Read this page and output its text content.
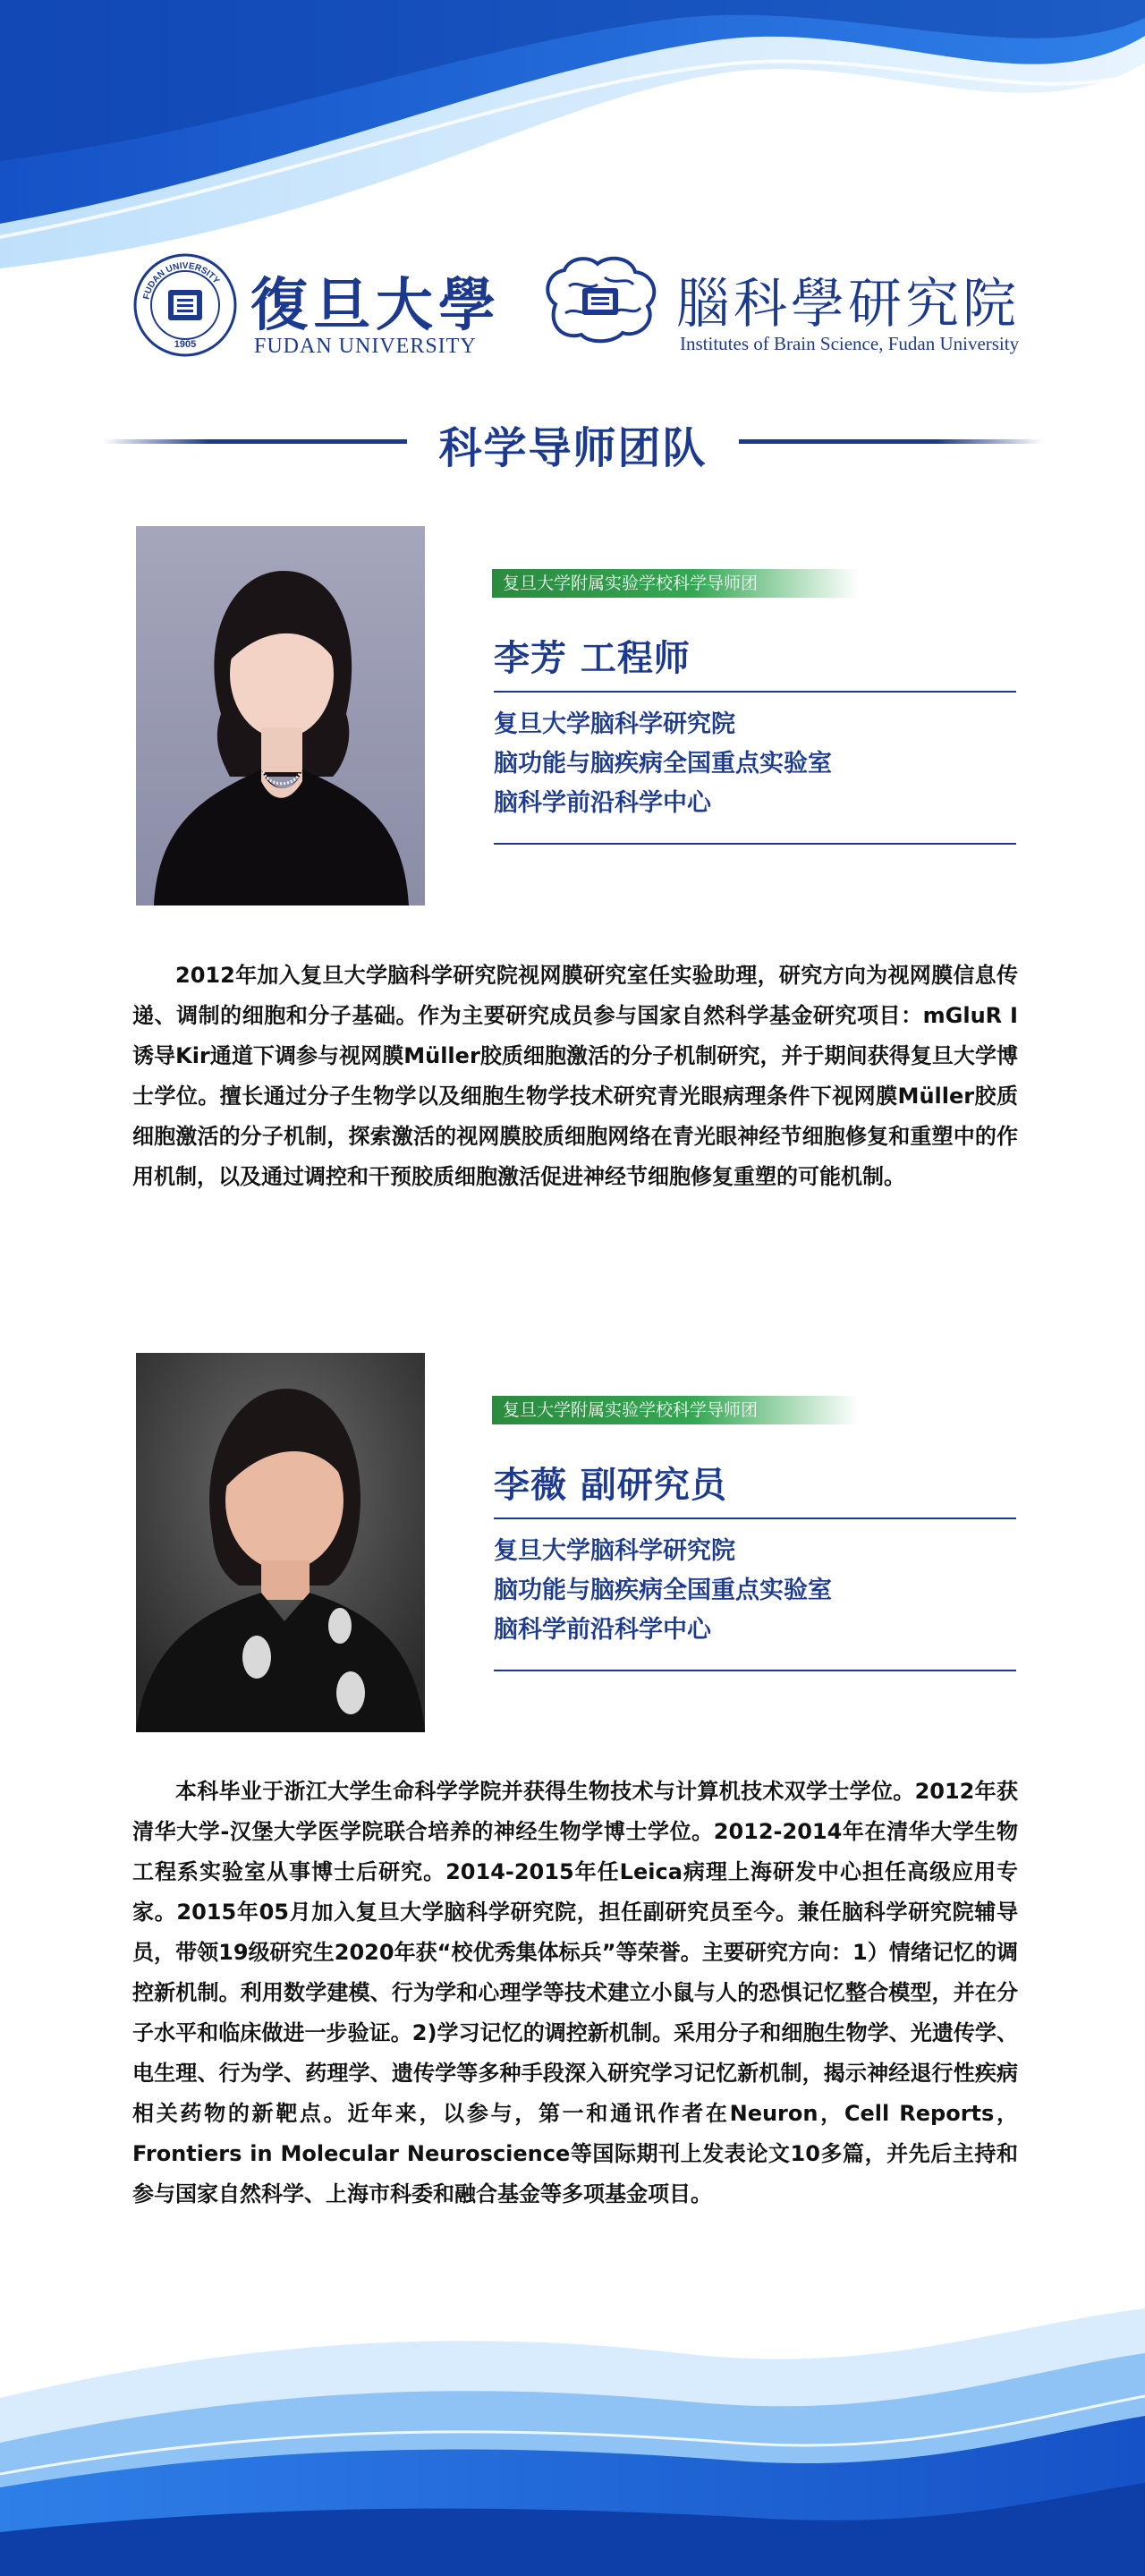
FUDAN UNIVERSITY
1905
復旦大學
FUDAN UNIVERSITY
腦科學研究院
Institutes of Brain Science, Fudan University
科学导师团队
复旦大学附属实验学校科学导师团
李芳 工程师
复旦大学脑科学研究院
脑功能与脑疾病全国重点实验室
脑科学前沿科学中心

2012年加入复旦大学脑科学研究院视网膜研究室任实验助理，研究方向为视网膜信息传递、调制的细胞和分子基础。作为主要研究成员参与国家自然科学基金研究项目：mGluR Ⅰ诱导Kir通道下调参与视网膜Müller胶质细胞激活的分子机制研究，并于期间获得复旦大学博士学位。擅长通过分子生物学以及细胞生物学技术研究青光眼病理条件下视网膜Müller胶质细胞激活的分子机制，探索激活的视网膜胶质细胞网络在青光眼神经节细胞修复和重塑中的作用机制，以及通过调控和干预胶质细胞激活促进神经节细胞修复重塑的可能机制。

复旦大学附属实验学校科学导师团
李薇 副研究员
复旦大学脑科学研究院
脑功能与脑疾病全国重点实验室
脑科学前沿科学中心

本科毕业于浙江大学生命科学学院并获得生物技术与计算机技术双学士学位。2012年获清华大学-汉堡大学医学院联合培养的神经生物学博士学位。2012-2014年在清华大学生物工程系实验室从事博士后研究。2014-2015年任Leica病理上海研发中心担任高级应用专家。2015年05月加入复旦大学脑科学研究院，担任副研究员至今。兼任脑科学研究院辅导员，带领19级研究生2020年获“校优秀集体标兵”等荣誉。主要研究方向：1）情绪记忆的调控新机制。利用数学建模、行为学和心理学等技术建立小鼠与人的恐惧记忆整合模型，并在分子水平和临床做进一步验证。2)学习记忆的调控新机制。采用分子和细胞生物学、光遗传学、电生理、行为学、药理学、遗传学等多种手段深入研究学习记忆新机制，揭示神经退行性疾病相关药物的新靶点。近年来，以参与，第一和通讯作者在Neuron，Cell Reports，Frontiers in Molecular Neuroscience等国际期刊上发表论文10多篇，并先后主持和参与国家自然科学、上海市科委和融合基金等多项基金项目。
